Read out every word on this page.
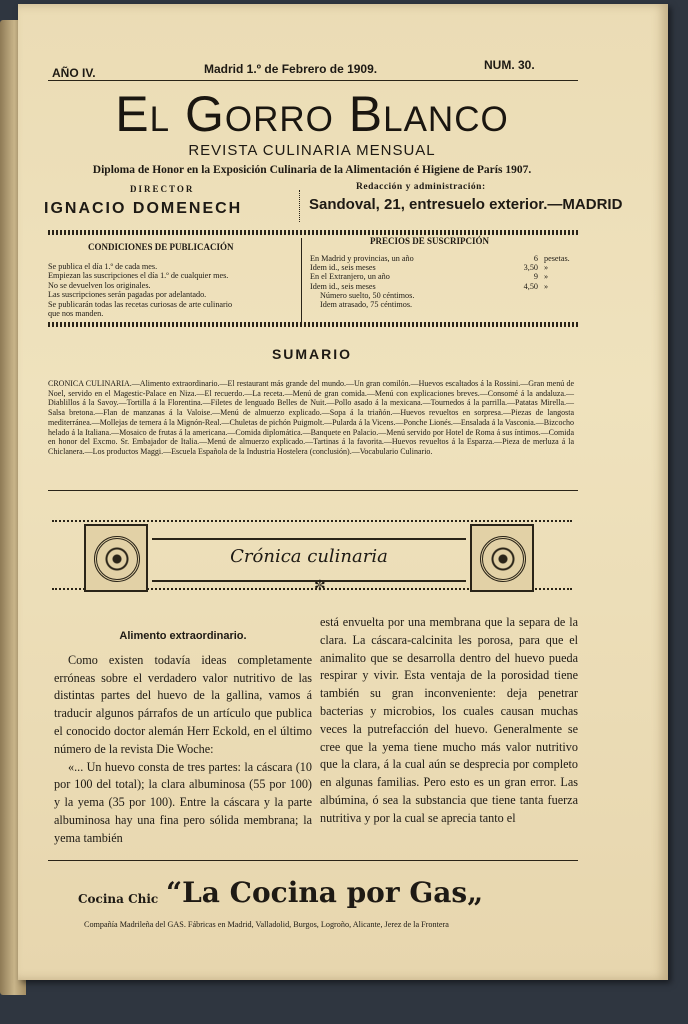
AÑO IV.	Madrid 1.º de Febrero de 1909.	NUM. 30.
El Gorro Blanco
REVISTA CULINARIA MENSUAL
Diploma de Honor en la Exposición Culinaria de la Alimentación é Higiene de París 1907.
DIRECTOR
IGNACIO DOMENECH
Redacción y administración:
Sandoval, 21, entresuelo exterior.—MADRID
CONDICIONES DE PUBLICACIÓN
Se publica el día 1.º de cada mes.
Empiezan las suscripciones el día 1.º de cualquier mes.
No se devuelven los originales.
Las suscripciones serán pagadas por adelantado.
Se publicarán todas las recetas curiosas de arte culinario
que nos manden.
PRECIOS DE SUSCRIPCIÓN
En Madrid y provincias, un año	6 pesetas.
Idem id., seis meses	3,50 »
En el Extranjero, un año	9 »
Idem id., seis meses	4,50 »
Número suelto, 50 céntimos.
Idem atrasado, 75 céntimos.
SUMARIO
CRONICA CULINARIA.—Alimento extraordinario.—El restaurant más grande del mundo.—Un gran comilón.—Huevos escaltados á la Rossini.—Gran menú de Noel, servido en el Magestic-Palace en Niza.—El recuerdo.—La receta.—Menú de gran comida.—Menú con explicaciones breves.—Consomé á la andaluza.—Diablillos á la Savoy.—Tortilla á la Florentina.—Filetes de lenguado Belles de Nuit.—Pollo asado á la mexicana.—Tournedos á la parrilla.—Patatas Mirella.—Salsa bretona.—Flan de manzanas á la Valoise.—Menú de almuerzo explicado.—Sopa á la triañón.—Huevos revueltos en sorpresa.—Piezas de langosta mediterránea.—Mollejas de ternera á la Mignón-Real.—Chuletas de pichón Puigmolt.—Pularda á la Vicens.—Ponche Lionés.—Ensalada á la Vasconia.—Bizcocho helado á la Italiana.—Mosaico de frutas á la americana.—Comida diplomática.—Banquete en Palacio.—Menú servido por Hotel de Roma á sus íntimos.—Comida en honor del Excmo. Sr. Embajador de Italia.—Menú de almuerzo explicado.—Tartinas á la favorita.—Huevos revueltos á la Esparza.—Pieza de merluza á la Chiclanera.—Los productos Maggi.—Escuela Española de la Industria Hostelera (conclusión).—Vocabulario Culinario.
Crónica culinaria
✼

Alimento extraordinario.

Como existen todavía ideas completamente erróneas sobre el verdadero valor nutritivo de las distintas partes del huevo de la gallina, vamos á traducir algunos párrafos de un artículo que publica el conocido doctor alemán Herr Eckold, en el último número de la revista Die Woche:

«... Un huevo consta de tres partes: la cáscara (10 por 100 del total); la clara albuminosa (55 por 100) y la yema (35 por 100). Entre la cáscara y la parte albuminosa hay una fina pero sólida membrana; la yema también

está envuelta por una membrana que la separa de la clara. La cáscara-calcinita les porosa, para que el animalito que se desarrolla dentro del huevo pueda respirar y vivir. Esta ventaja de la porosidad tiene también su gran inconveniente: deja penetrar bacterias y microbios, los cuales causan muchas veces la putrefacción del huevo. Generalmente se cree que la yema tiene mucho más valor nutritivo que la clara, á la cual aún se desprecia por completo en algunas familias. Pero esto es un gran error. Las albúmina, ó sea la substancia que tiene tanta fuerza nutritiva y por la cual se aprecia tanto el

Cocina Chic “La Cocina por Gas„
Compañía Madrileña del GAS. Fábricas en Madrid, Valladolid, Burgos, Logroño, Alicante, Jerez de la Frontera
